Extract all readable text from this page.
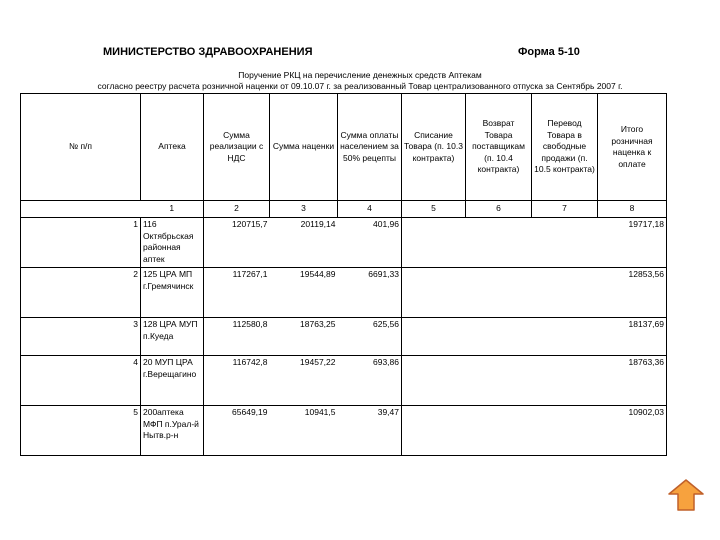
МИНИСТЕРСТВО ЗДРАВООХРАНЕНИЯ	Форма 5-10
Поручение РКЦ на перечисление денежных средств Аптекам
согласно реестру расчета розничной наценки от 09.10.07 г. за реализованный Товар централизованного отпуска за Сентябрь 2007 г.
№ п/п	Аптека	Сумма реализации с НДС	Сумма наценки	Сумма оплаты населением за 50% рецепты	Списание Товара (п. 10.3 контракта)	Возврат Товара поставщикам (п. 10.4 контракта)	Перевод Товара в свободные продажи (п. 10.5 контракта)	Итого розничная наценка к оплате
	1	2	3	4	5	6	7	8
1	116 Октябрьская районная аптек	120715,7	20119,14	401,96				19717,18
2	125 ЦРА МП г.Гремячинск	117267,1	19544,89	6691,33				12853,56
3	128 ЦРА МУП п.Куеда	112580,8	18763,25	625,56				18137,69
4	20 МУП ЦРА г.Верещагино	116742,8	19457,22	693,86				18763,36
5	200аптека МФП п.Урал-й Нытв.р-н	65649,19	10941,5	39,47				10902,03
